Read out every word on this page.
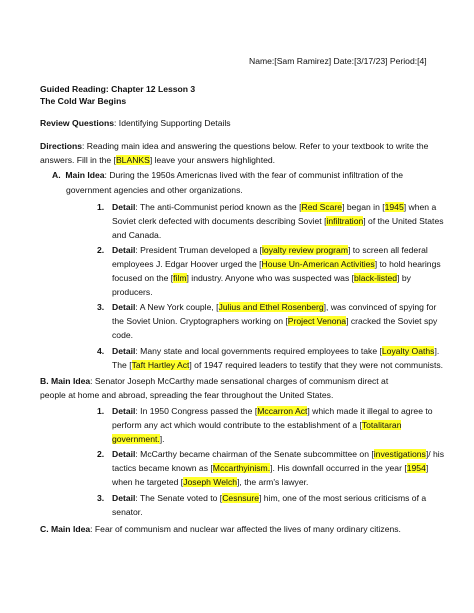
Name:[Sam Ramirez] Date:[3/17/23] Period:[4]
Guided Reading: Chapter 12 Lesson 3
The Cold War Begins
Review Questions: Identifying Supporting Details
Directions: Reading main idea and answering the questions below. Refer to your textbook to write the answers. Fill in the [BLANKS] leave your answers highlighted.
A. Main Idea: During the 1950s Americnas lived with the fear of communist infiltration of the
government agencies and other organizations.
1. Detail: The anti-Communist period known as the [Red Scare] began in [1945] when a
Soviet clerk defected with documents describing Soviet [infiltration] of the United States
and Canada.
2. Detail: President Truman developed a [loyalty review program] to screen all federal
employees J. Edgar Hoover urged the [House Un-American Activities] to hold hearings
focused on the [film] industry. Anyone who was suspected was [black-listed] by
producers.
3. Detail: A New York couple, [Julius and Ethel Rosenberg], was convinced of spying for
the Soviet Union. Cryptographers working on [Project Venona] cracked the Soviet spy
code.
4. Detail: Many state and local governments required employees to take [Loyalty Oaths].
The [Taft Hartley Act] of 1947 required leaders to testify that they were not communists.
B. Main Idea: Senator Joseph McCarthy made sensational charges of communism direct at
people at home and abroad, spreading the fear throughout the United States.
1. Detail: In 1950 Congress passed the [Mccarron Act] which made it illegal to agree to
perform any act which would contribute to the establishment of a [Totalitaran
government.].
2. Detail: McCarthy became chairman of the Senate subcommittee on [investigations]/ his
tactics became known as [Mccarthyinism.]. His downfall occurred in the year [1954]
when he targeted [Joseph Welch], the arm's lawyer.
3. Detail: The Senate voted to [Cesnsure] him, one of the most serious criticisms of a
senator.
C. Main Idea: Fear of communism and nuclear war affected the lives of many ordinary citizens.
